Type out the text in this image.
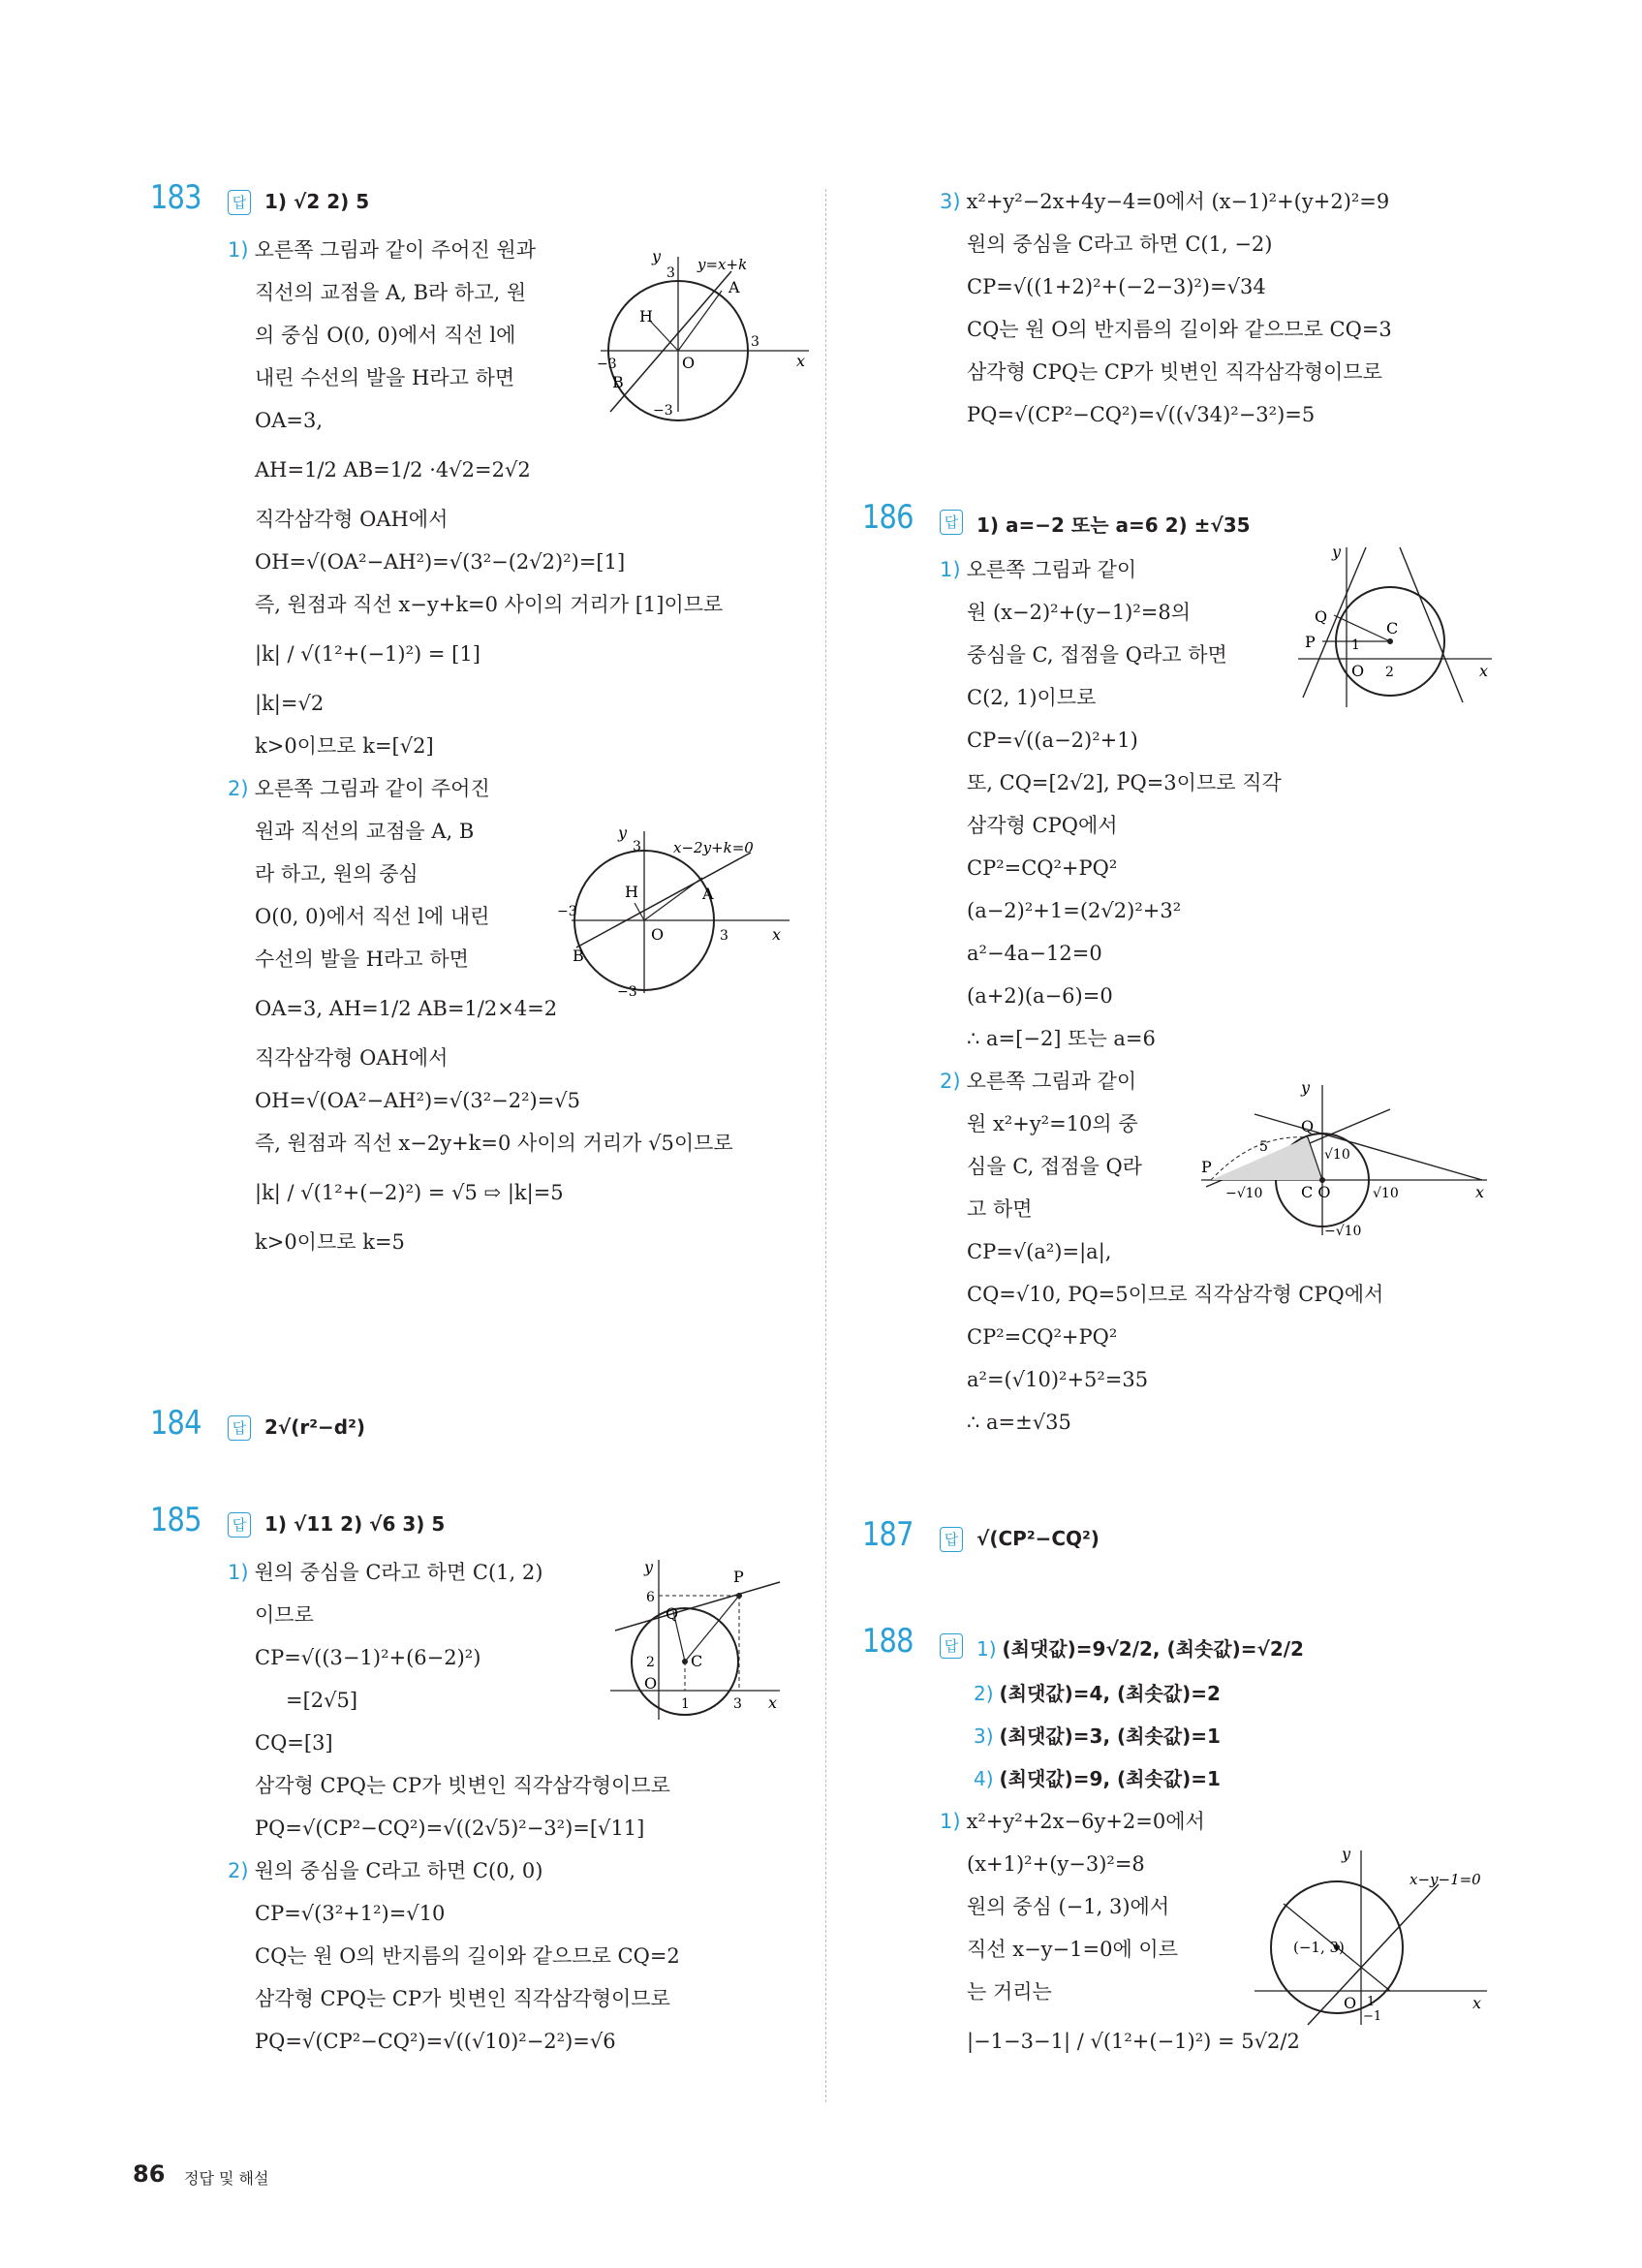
183	답 1) √2 2) 5
1) 오른쪽 그림과 같이 주어진 원과
직선의 교점을 A, B라 하고, 원
의 중심 O(0, 0)에서 직선 l에
내린 수선의 발을 H라고 하면
OA=3,
AH=1/2 AB=1/2 ·4√2=2√2
직각삼각형 OAH에서
OH=√(OA²−AH²)=√(3²−(2√2)²)=[1]
즉, 원점과 직선 x−y+k=0 사이의 거리가 [1]이므로
|k| / √(1²+(−1)²) = [1]
|k|=√2
k>0이므로 k=[√2]
2) 오른쪽 그림과 같이 주어진
원과 직선의 교점을 A, B
라 하고, 원의 중심
O(0, 0)에서 직선 l에 내린
수선의 발을 H라고 하면
OA=3, AH=1/2 AB=1/2×4=2
직각삼각형 OAH에서
OH=√(OA²−AH²)=√(3²−2²)=√5
즉, 원점과 직선 x−2y+k=0 사이의 거리가 √5이므로
|k| / √(1²+(−2)²) = √5 ⇨ |k|=5
k>0이므로 k=5
y	y=x+k
A
H
O
B
3
−3
3
−3
x
y
x−2y+k=0
A
H
O
B
3
−3
3
−3
x
184	답 2√(r²−d²)
185	답 1) √11 2) √6 3) 5
1) 원의 중심을 C라고 하면 C(1, 2)
이므로
CP=√((3−1)²+(6−2)²)
=[2√5]
CQ=[3]
삼각형 CPQ는 CP가 빗변인 직각삼각형이므로
PQ=√(CP²−CQ²)=√((2√5)²−3²)=[√11]
2) 원의 중심을 C라고 하면 C(0, 0)
CP=√(3²+1²)=√10
CQ는 원 O의 반지름의 길이와 같으므로 CQ=2
삼각형 CPQ는 CP가 빗변인 직각삼각형이므로
PQ=√(CP²−CQ²)=√((√10)²−2²)=√6
y
P
Q
6
2 C
O
1	3 x
3) x²+y²−2x+4y−4=0에서 (x−1)²+(y+2)²=9
원의 중심을 C라고 하면 C(1, −2)
CP=√((1+2)²+(−2−3)²)=√34
CQ는 원 O의 반지름의 길이와 같으므로 CQ=3
삼각형 CPQ는 CP가 빗변인 직각삼각형이므로
PQ=√(CP²−CQ²)=√((√34)²−3²)=5
186	답 1) a=−2 또는 a=6 2) ±√35
1) 오른쪽 그림과 같이
원 (x−2)²+(y−1)²=8의
중심을 C, 접점을 Q라고 하면
C(2, 1)이므로
CP=√((a−2)²+1)
또, CQ=[2√2], PQ=3이므로 직각
삼각형 CPQ에서
CP²=CQ²+PQ²
(a−2)²+1=(2√2)²+3²
a²−4a−12=0
(a+2)(a−6)=0
∴ a=[−2] 또는 a=6
2) 오른쪽 그림과 같이
원 x²+y²=10의 중
심을 C, 접점을 Q라
고 하면
CP=√(a²)=|a|,
CQ=√10, PQ=5이므로 직각삼각형 CPQ에서
CP²=CQ²+PQ²
a²=(√10)²+5²=35
∴ a=±√35
y
Q
P
C
1
O 2	x
y
Q
5	√10
P
−√10 C O	√10
−√10
x
187	답 √(CP²−CQ²)
188	답 1) (최댓값)=9√2/2, (최솟값)=√2/2
2) (최댓값)=4, (최솟값)=2
3) (최댓값)=3, (최솟값)=1
4) (최댓값)=9, (최솟값)=1
1) x²+y²+2x−6y+2=0에서
(x+1)²+(y−3)²=8
원의 중심 (−1, 3)에서
직선 x−y−1=0에 이르
는 거리는
|−1−3−1| / √(1²+(−1)²) = 5√2/2
y
x−y−1=0
(−1, 3)
O 1
−1
x
86 정답 및 해설
